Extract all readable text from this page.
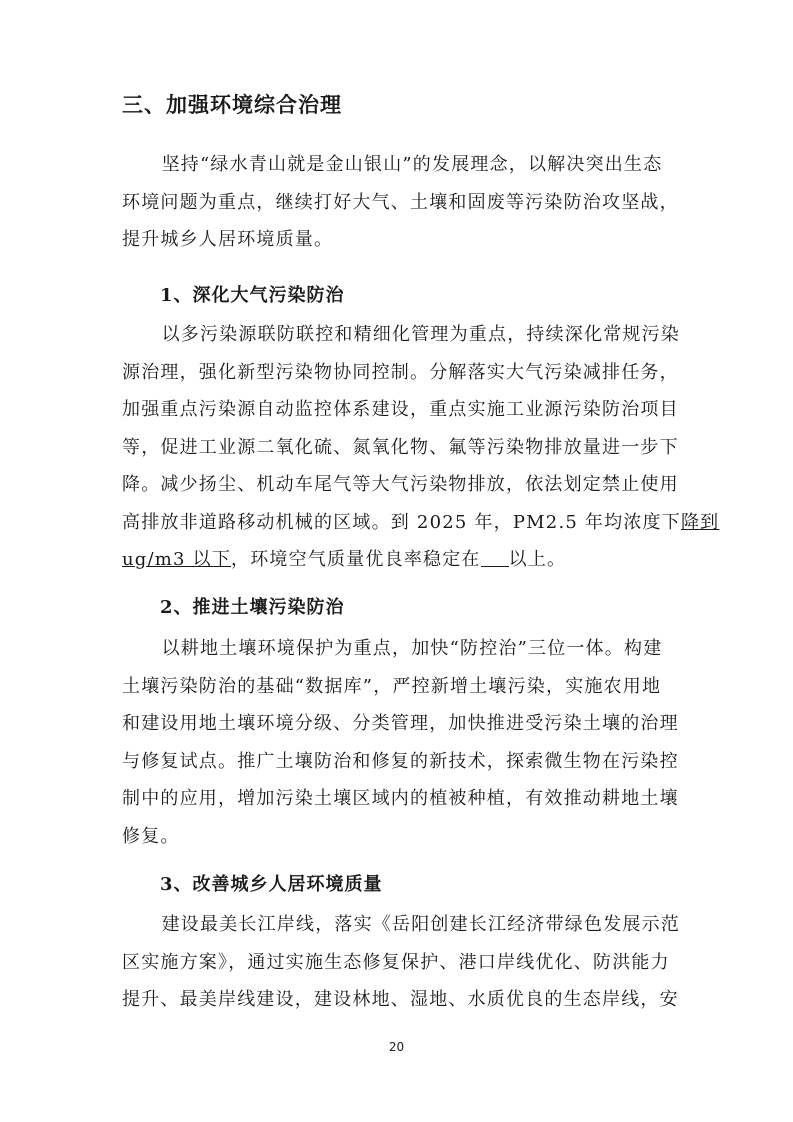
三、加强环境综合治理
坚持“绿水青山就是金山银山”的发展理念，以解决突出生态
环境问题为重点，继续打好大气、土壤和固废等污染防治攻坚战，
提升城乡人居环境质量。
1、深化大气污染防治
以多污染源联防联控和精细化管理为重点，持续深化常规污染
源治理，强化新型污染物协同控制。分解落实大气污染减排任务，
加强重点污染源自动监控体系建设，重点实施工业源污染防治项目
等，促进工业源二氧化硫、氮氧化物、氟等污染物排放量进一步下
降。减少扬尘、机动车尾气等大气污染物排放，依法划定禁止使用
高排放非道路移动机械的区域。到 2025 年，PM2.5 年均浓度下降到
ug/m3 以下，环境空气质量优良率稳定在 以上。
2、推进土壤污染防治
以耕地土壤环境保护为重点，加快“防控治”三位一体。构建
土壤污染防治的基础“数据库”，严控新增土壤污染，实施农用地
和建设用地土壤环境分级、分类管理，加快推进受污染土壤的治理
与修复试点。推广土壤防治和修复的新技术，探索微生物在污染控
制中的应用，增加污染土壤区域内的植被种植，有效推动耕地土壤
修复。
3、改善城乡人居环境质量
建设最美长江岸线，落实《岳阳创建长江经济带绿色发展示范
区实施方案》，通过实施生态修复保护、港口岸线优化、防洪能力
提升、最美岸线建设，建设林地、湿地、水质优良的生态岸线，安
20
